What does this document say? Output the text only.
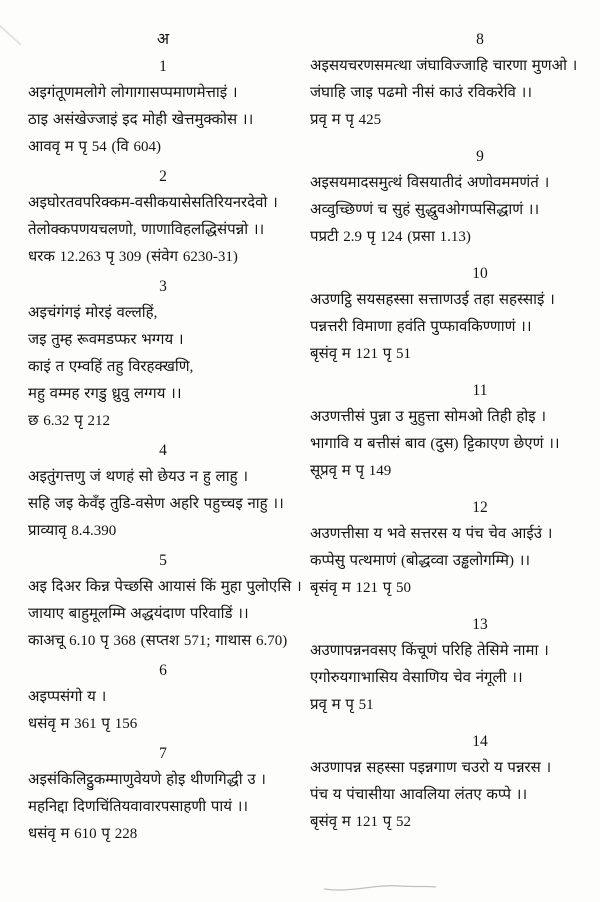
अ
1
अइगंतूणमलोगे लोगागासप्पमाणमेत्ताइं ।
ठाइ असंखेज्जाइं इद मोही खेत्तमुक्कोस ।।
आववृ म पृ 54 (वि 604)
2
अइघोरतवपरिक्कम-वसीकयासेसतिरियनरदेवो ।
तेलोक्कपणयचलणो, णाणाविहलद्धिसंपन्नो ।।
धरक 12.263 पृ 309 (संवेग 6230-31)
3
अइचंगंगइं मोरइं वल्लहिं,
जइ तुम्ह रूवमडप्फर भग्गय ।
काइं त एम्वहिं तहु विरहक्खणि,
महु वम्मह रगडु ध्रुवु लग्गय ।।
छ 6.32 पृ 212
4
अइतुंगत्तणु जं थणहं सो छेयउ न हु लाहु ।
सहि जइ केवँइ तुडि-वसेण अहरि पहुच्चइ नाहु ।।
प्राव्यावृ 8.4.390
5
अइ दिअर किन्न पेच्छसि आयासं किं मुहा पुलोएसि ।
जायाए बाहुमूलम्मि अद्धयंदाण परिवाडिं ।।
काअचू 6.10 पृ 368 (सप्तश 571; गाथास 6.70)
6
अइप्पसंगो य ।
धसंवृ म 361 पृ 156
7
अइसंकिलिट्ठुकम्माणुवेयणे होइ थीणगिद्धी उ ।
महनिद्दा दिणचिंतियवावारपसाहणी पायं ।।
धसंवृ म 610 पृ 228
8
अइसयचरणसमत्था जंघाविज्जाहि चारणा मुणओ ।
जंघाहि जाइ पढमो नीसं काउं रविकरेवि ।।
प्रवृ म पृ 425
9
अइसयमादसमुत्थं विसयातीदं अणोवममणंतं ।
अव्वुच्छिण्णं च सुहं सुद्धुवओगप्पसिद्धाणं ।।
पप्रटी 2.9 पृ 124 (प्रसा 1.13)
10
अउणट्ठि सयसहस्सा सत्ताणउई तहा सहस्साइं ।
पन्नत्तरी विमाणा हवंति पुप्फावकिण्णाणं ।।
बृसंवृ म 121 पृ 51
11
अउणत्तीसं पुन्ना उ मुहुत्ता सोमओ तिही होइ ।
भागावि य बत्तीसं बाव (दुस) ट्टिकाएण छेएणं ।।
सूप्रवृ म पृ 149
12
अउणत्तीसा य भवे सत्तरस य पंच चेव आईउं ।
कप्पेसु पत्थमाणं (बोद्धव्वा उड्ढलोगम्मि) ।।
बृसंवृ म 121 पृ 50
13
अउणापन्ननवसए किंचूणं परिहि तेसिमे नामा ।
एगोरुयगाभासिय वेसाणिय चेव नंगूली ।।
प्रवृ म पृ 51
14
अउणापन्न सहस्सा पइन्नगाण चउरो य पन्नरस ।
पंच य पंचासीया आवलिया लंतए कप्पे ।।
बृसंवृ म 121 पृ 52
